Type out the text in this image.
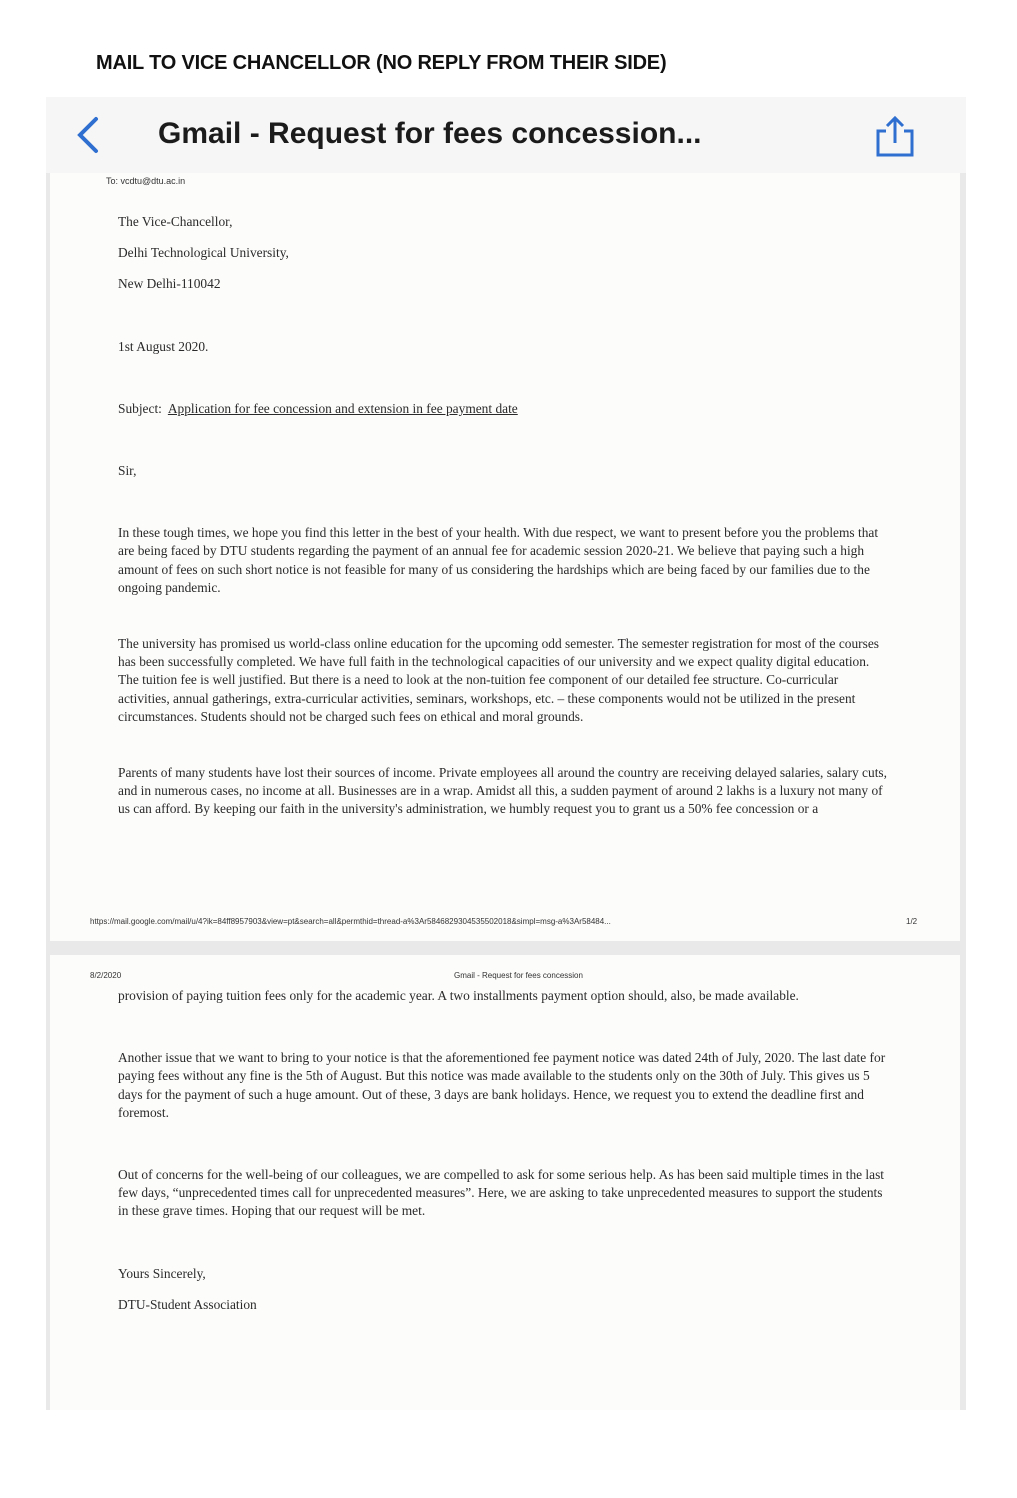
MAIL TO VICE CHANCELLOR (NO REPLY FROM THEIR SIDE)
Gmail - Request for fees concession...
To: vcdtu@dtu.ac.in

The Vice-Chancellor,

Delhi Technological University,

New Delhi-110042

1st August 2020.

Subject: Application for fee concession and extension in fee payment date

Sir,

In these tough times, we hope you find this letter in the best of your health. With due respect, we want to present before you the problems that are being faced by DTU students regarding the payment of an annual fee for academic session 2020-21. We believe that paying such a high amount of fees on such short notice is not feasible for many of us considering the hardships which are being faced by our families due to the ongoing pandemic.

The university has promised us world-class online education for the upcoming odd semester. The semester registration for most of the courses has been successfully completed. We have full faith in the technological capacities of our university and we expect quality digital education. The tuition fee is well justified. But there is a need to look at the non-tuition fee component of our detailed fee structure. Co-curricular activities, annual gatherings, extra-curricular activities, seminars, workshops, etc. – these components would not be utilized in the present circumstances. Students should not be charged such fees on ethical and moral grounds.

Parents of many students have lost their sources of income. Private employees all around the country are receiving delayed salaries, salary cuts, and in numerous cases, no income at all. Businesses are in a wrap. Amidst all this, a sudden payment of around 2 lakhs is a luxury not many of us can afford. By keeping our faith in the university's administration, we humbly request you to grant us a 50% fee concession or a

https://mail.google.com/mail/u/4?ik=84ff8957903&view=pt&search=all&permthid=thread-a%3Ar5846829304535502018&simpl=msg-a%3Ar58484...	1/2
8/2/2020	Gmail - Request for fees concession

provision of paying tuition fees only for the academic year. A two installments payment option should, also, be made available.

Another issue that we want to bring to your notice is that the aforementioned fee payment notice was dated 24th of July, 2020. The last date for paying fees without any fine is the 5th of August. But this notice was made available to the students only on the 30th of July. This gives us 5 days for the payment of such a huge amount. Out of these, 3 days are bank holidays. Hence, we request you to extend the deadline first and foremost.

Out of concerns for the well-being of our colleagues, we are compelled to ask for some serious help. As has been said multiple times in the last few days, “unprecedented times call for unprecedented measures”. Here, we are asking to take unprecedented measures to support the students in these grave times. Hoping that our request will be met.

Yours Sincerely,

DTU-Student Association
